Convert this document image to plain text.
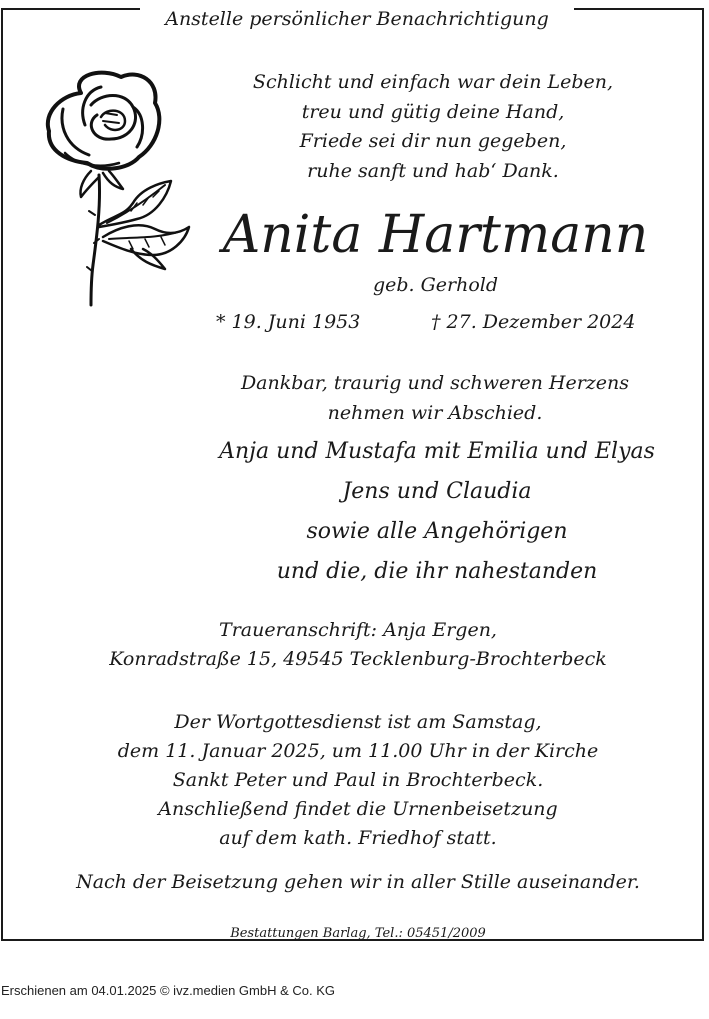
Anstelle persönlicher Benachrichtigung
Schlicht und einfach war dein Leben,
treu und gütig deine Hand,
Friede sei dir nun gegeben,
ruhe sanft und hab‘ Dank.
Anita Hartmann
geb. Gerhold
* 19. Juni 1953	† 27. Dezember 2024
Dankbar, traurig und schweren Herzens
nehmen wir Abschied.
Anja und Mustafa mit Emilia und Elyas
Jens und Claudia
sowie alle Angehörigen
und die, die ihr nahestanden
Traueranschrift: Anja Ergen,
Konradstraße 15, 49545 Tecklenburg-Brochterbeck
Der Wortgottesdienst ist am Samstag,
dem 11. Januar 2025, um 11.00 Uhr in der Kirche
Sankt Peter und Paul in Brochterbeck.
Anschließend findet die Urnenbeisetzung
auf dem kath. Friedhof statt.
Nach der Beisetzung gehen wir in aller Stille auseinander.
Bestattungen Barlag, Tel.: 05451/2009
Erschienen am 04.01.2025 © ivz.medien GmbH & Co. KG
